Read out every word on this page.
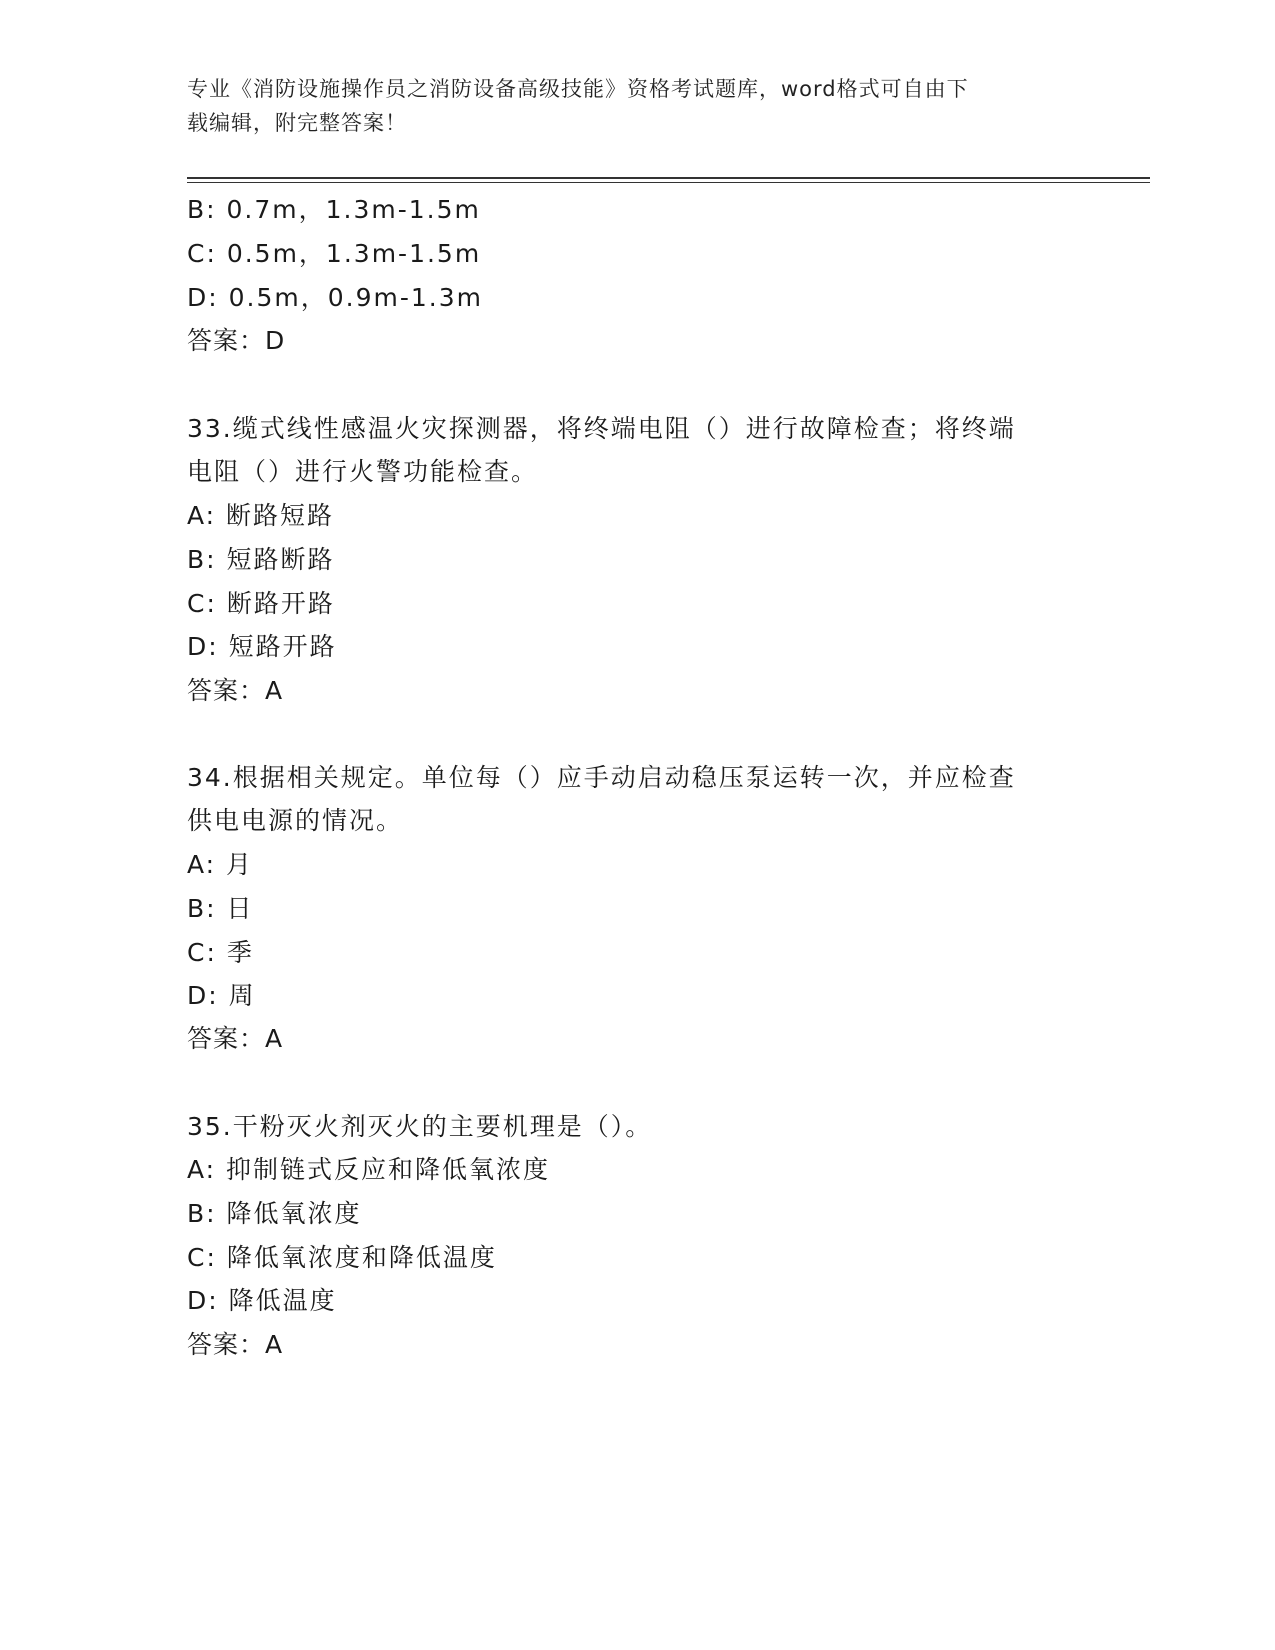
专业《消防设施操作员之消防设备高级技能》资格考试题库，word格式可自由下
载编辑，附完整答案！
B: 0.7m，1.3m-1.5m
C: 0.5m，1.3m-1.5m
D: 0.5m，0.9m-1.3m
答案：D
33.缆式线性感温火灾探测器，将终端电阻（）进行故障检查；将终端
电阻（）进行火警功能检查。
A: 断路短路
B: 短路断路
C: 断路开路
D: 短路开路
答案：A
34.根据相关规定。单位每（）应手动启动稳压泵运转一次，并应检查
供电电源的情况。
A: 月
B: 日
C: 季
D: 周
答案：A
35.干粉灭火剂灭火的主要机理是（）。
A: 抑制链式反应和降低氧浓度
B: 降低氧浓度
C: 降低氧浓度和降低温度
D: 降低温度
答案：A
